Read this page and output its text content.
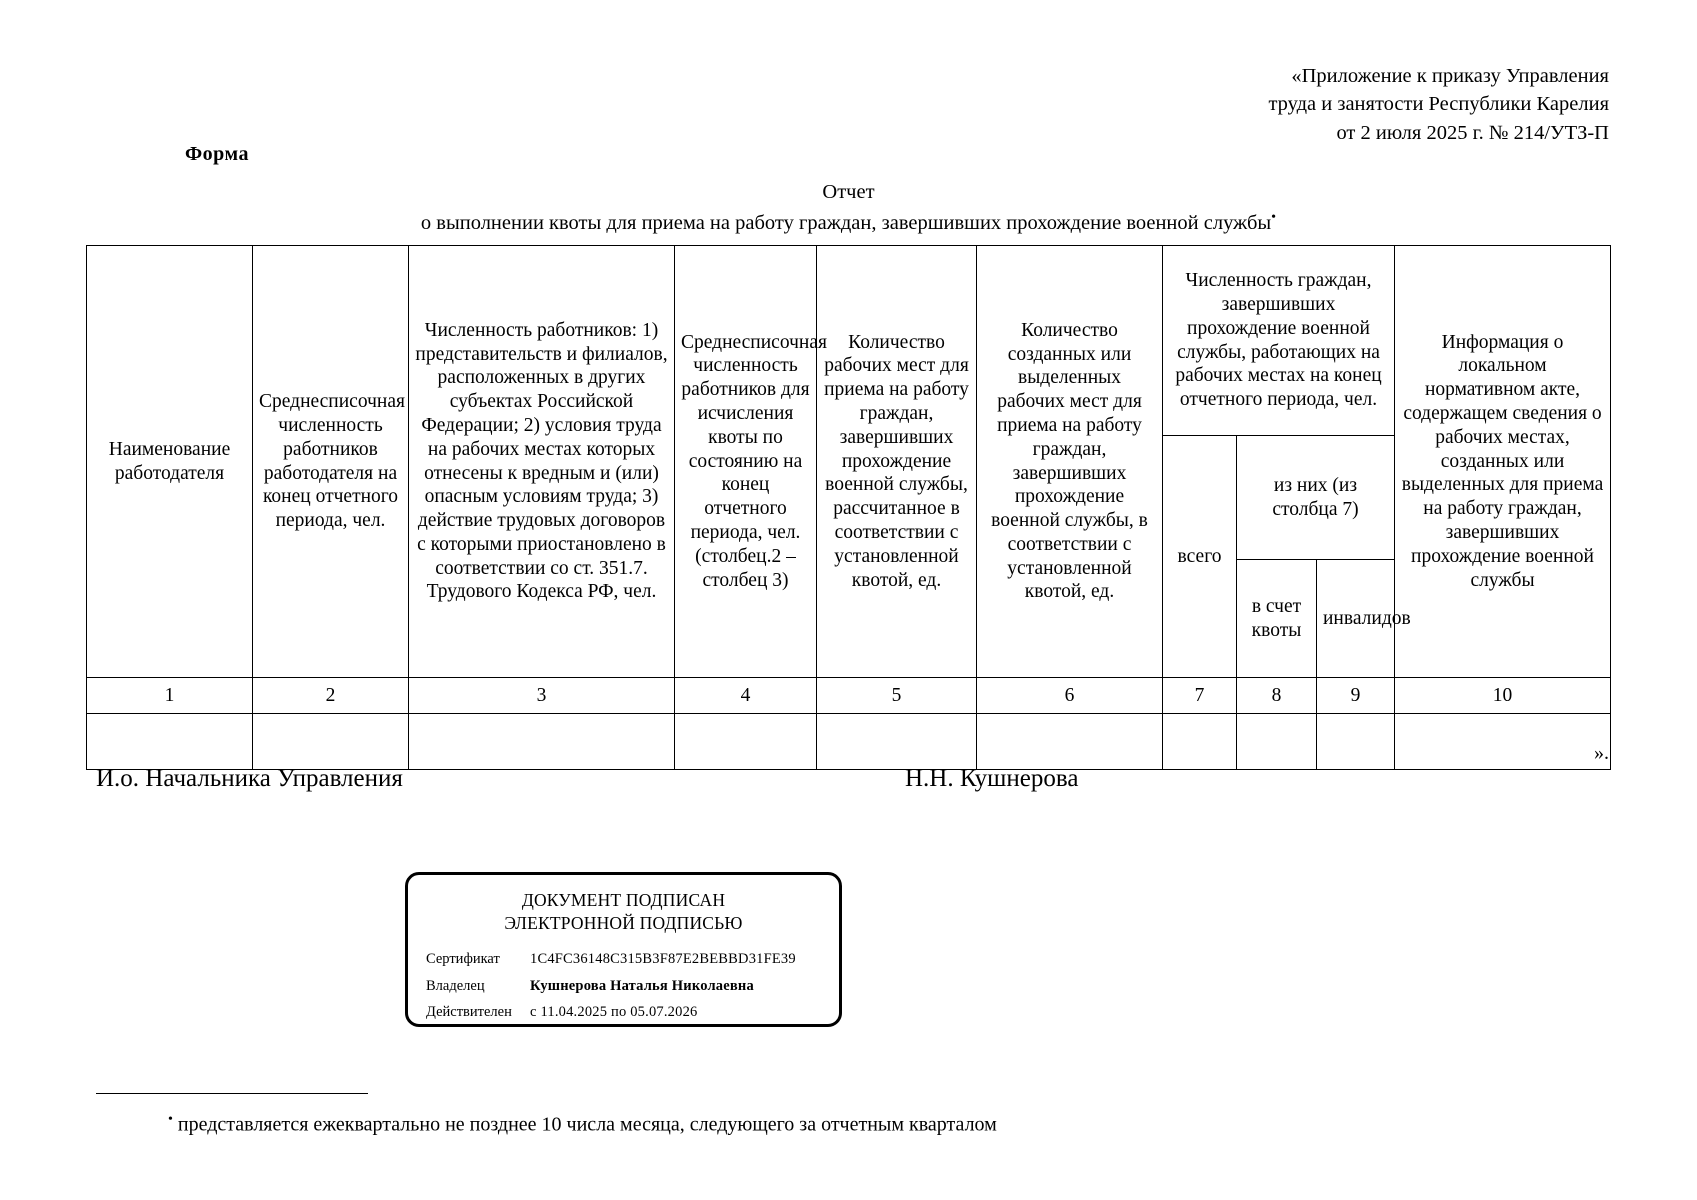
«Приложение к приказу Управления
труда и занятости Республики Карелия
от 2 июля 2025 г. № 214/УТЗ-П
Форма
Отчет
о выполнении квоты для приема на работу граждан, завершивших прохождение военной службы•
Наименование работодателя	Среднесписочная численность работников работодателя на конец отчетного периода, чел.	Численность работников: 1) представительств и филиалов, расположенных в других субъектах Российской Федерации; 2) условия труда на рабочих местах которых отнесены к вредным и (или) опасным условиям труда; 3) действие трудовых договоров с которыми приостановлено в соответствии со ст. 351.7. Трудового Кодекса РФ, чел.	Среднесписочная численность работников для исчисления квоты по состоянию на конец отчетного периода, чел. (столбец.2 – столбец 3)	Количество рабочих мест для приема на работу граждан, завершивших прохождение военной службы, рассчитанное в соответствии с установленной квотой, ед.	Количество созданных или выделенных рабочих мест для приема на работу граждан, завершивших прохождение военной службы, в соответствии с установленной квотой, ед.	Численность граждан, завершивших прохождение военной службы, работающих на рабочих местах на конец отчетного периода, чел.			Информация о локальном нормативном акте, содержащем сведения о рабочих местах, созданных или выделенных для приема на работу граждан, завершивших прохождение военной службы
						всего	из них (из столбца 7)		
							в счет квоты	инвалидов	
1	2	3	4	5	6	7	8	9	10

».
И.о. Начальника Управления	Н.Н. Кушнерова
ДОКУМЕНТ ПОДПИСАН
ЭЛЕКТРОННОЙ ПОДПИСЬЮ
Сертификат	1C4FC36148C315B3F87E2BEBBD31FE39
Владелец	Кушнерова Наталья Николаевна
Действителен	с 11.04.2025 по 05.07.2026
• представляется ежеквартально не позднее 10 числа месяца, следующего за отчетным кварталом
